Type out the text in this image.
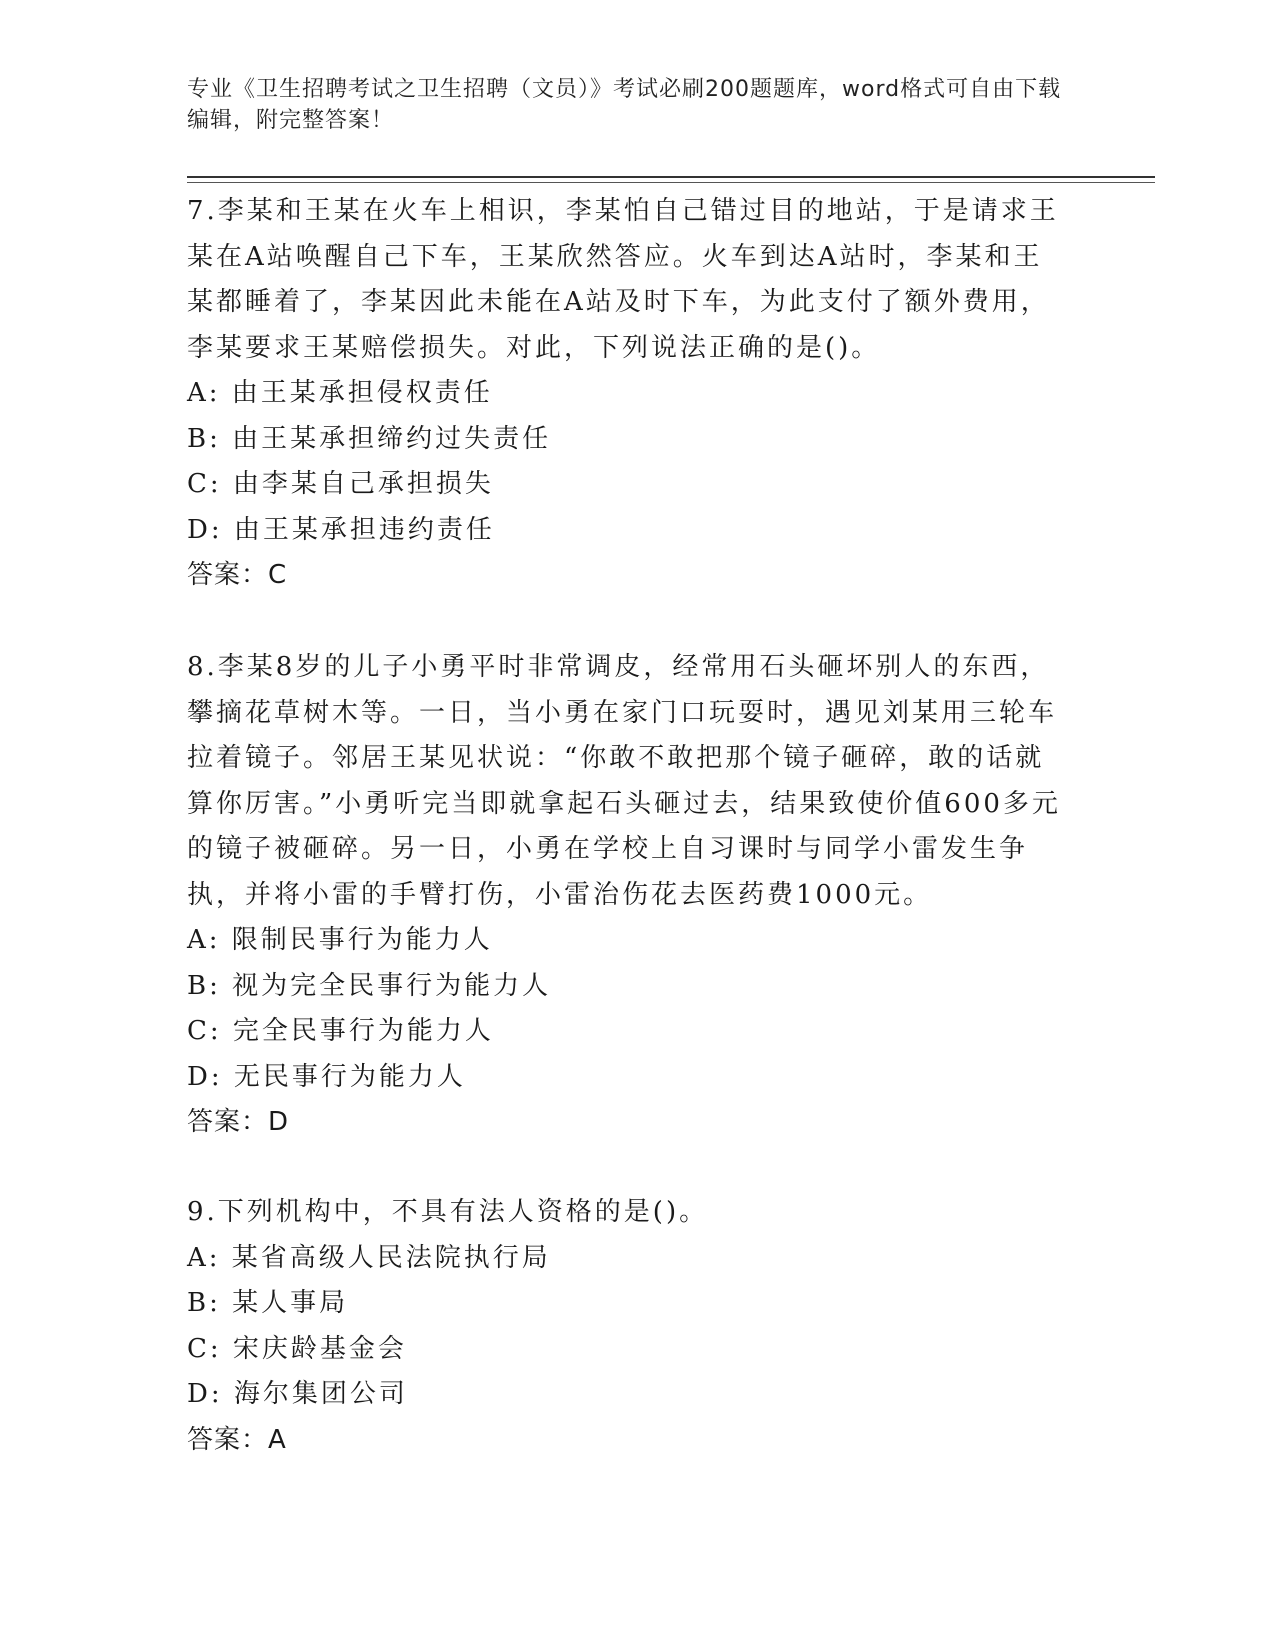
专业《卫生招聘考试之卫生招聘（文员）》考试必刷200题题库，word格式可自由下载编辑，附完整答案！

7.李某和王某在火车上相识，李某怕自己错过目的地站，于是请求王某在A站唤醒自己下车，王某欣然答应。火车到达A站时，李某和王某都睡着了，李某因此未能在A站及时下车，为此支付了额外费用，李某要求王某赔偿损失。对此，下列说法正确的是()。

A: 由王某承担侵权责任

B: 由王某承担缔约过失责任

C: 由李某自己承担损失

D: 由王某承担违约责任

答案：C

8.李某8岁的儿子小勇平时非常调皮，经常用石头砸坏别人的东西，攀摘花草树木等。一日，当小勇在家门口玩耍时，遇见刘某用三轮车拉着镜子。邻居王某见状说：“你敢不敢把那个镜子砸碎，敢的话就算你厉害。”小勇听完当即就拿起石头砸过去，结果致使价值600多元的镜子被砸碎。另一日，小勇在学校上自习课时与同学小雷发生争执，并将小雷的手臂打伤，小雷治伤花去医药费1000元。

A: 限制民事行为能力人

B: 视为完全民事行为能力人

C: 完全民事行为能力人

D: 无民事行为能力人

答案：D

9.下列机构中，不具有法人资格的是()。

A: 某省高级人民法院执行局

B: 某人事局

C: 宋庆龄基金会

D: 海尔集团公司

答案：A
